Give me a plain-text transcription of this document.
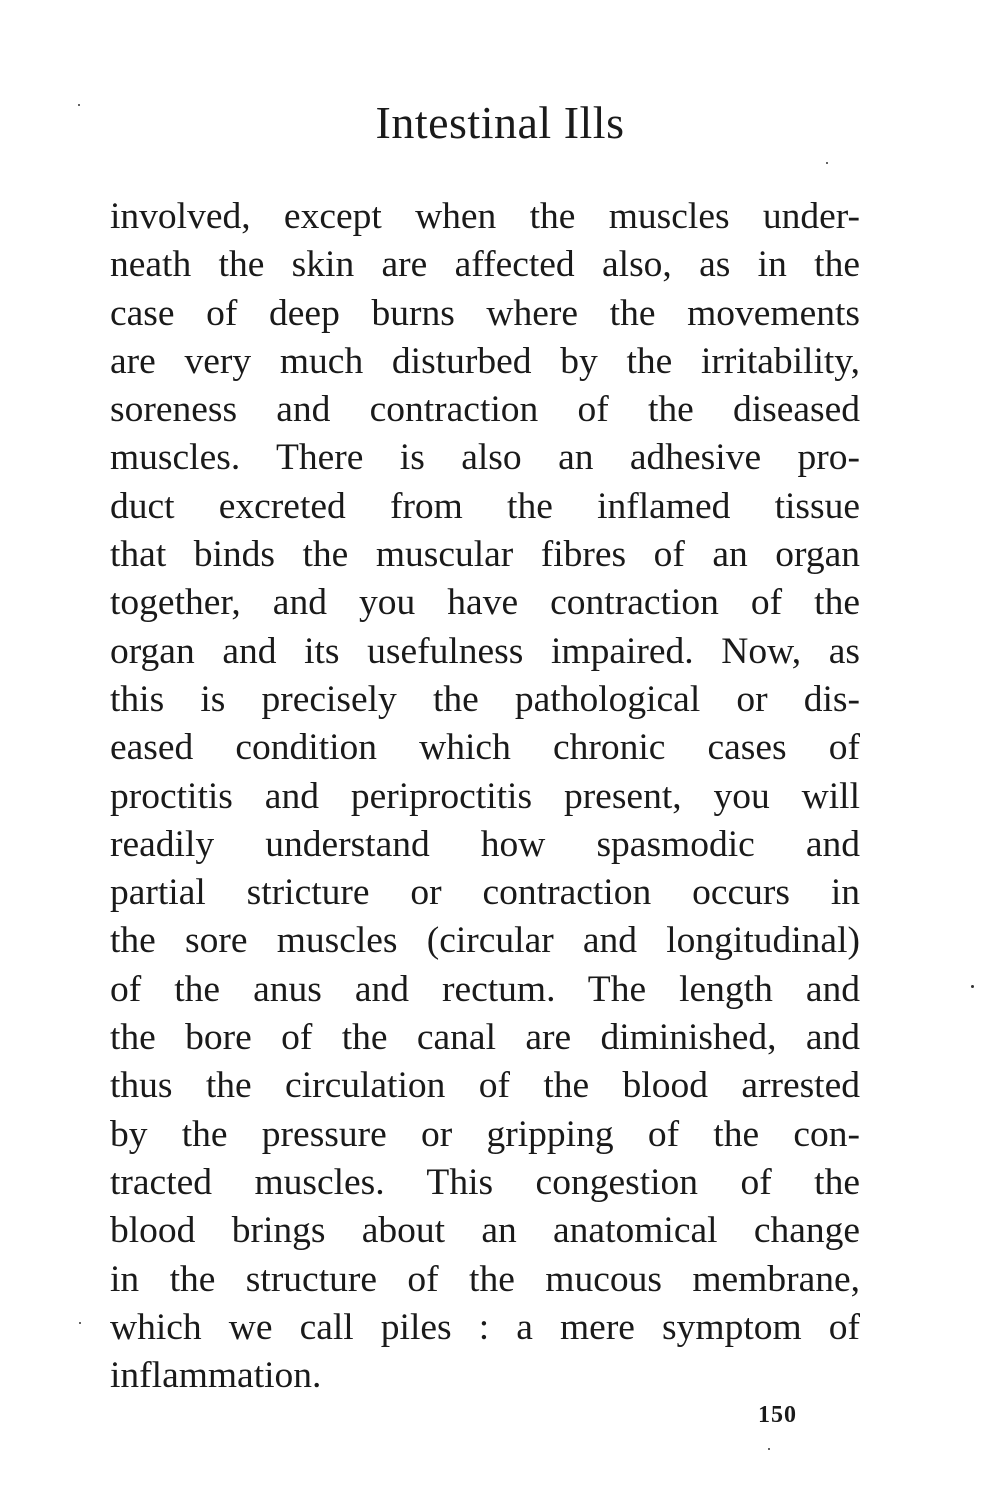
Intestinal Ills
involved, except when the muscles under-
neath the skin are affected also, as in the
case of deep burns where the movements
are very much disturbed by the irritability,
soreness and contraction of the diseased
muscles. There is also an adhesive pro-
duct excreted from the inflamed tissue
that binds the muscular fibres of an organ
together, and you have contraction of the
organ and its usefulness impaired. Now, as
this is precisely the pathological or dis-
eased condition which chronic cases of
proctitis and periproctitis present, you will
readily understand how spasmodic and
partial stricture or contraction occurs in
the sore muscles (circular and longitudinal)
of the anus and rectum. The length and
the bore of the canal are diminished, and
thus the circulation of the blood arrested
by the pressure or gripping of the con-
tracted muscles. This congestion of the
blood brings about an anatomical change
in the structure of the mucous membrane,
which we call piles : a mere symptom of
inflammation.
150
